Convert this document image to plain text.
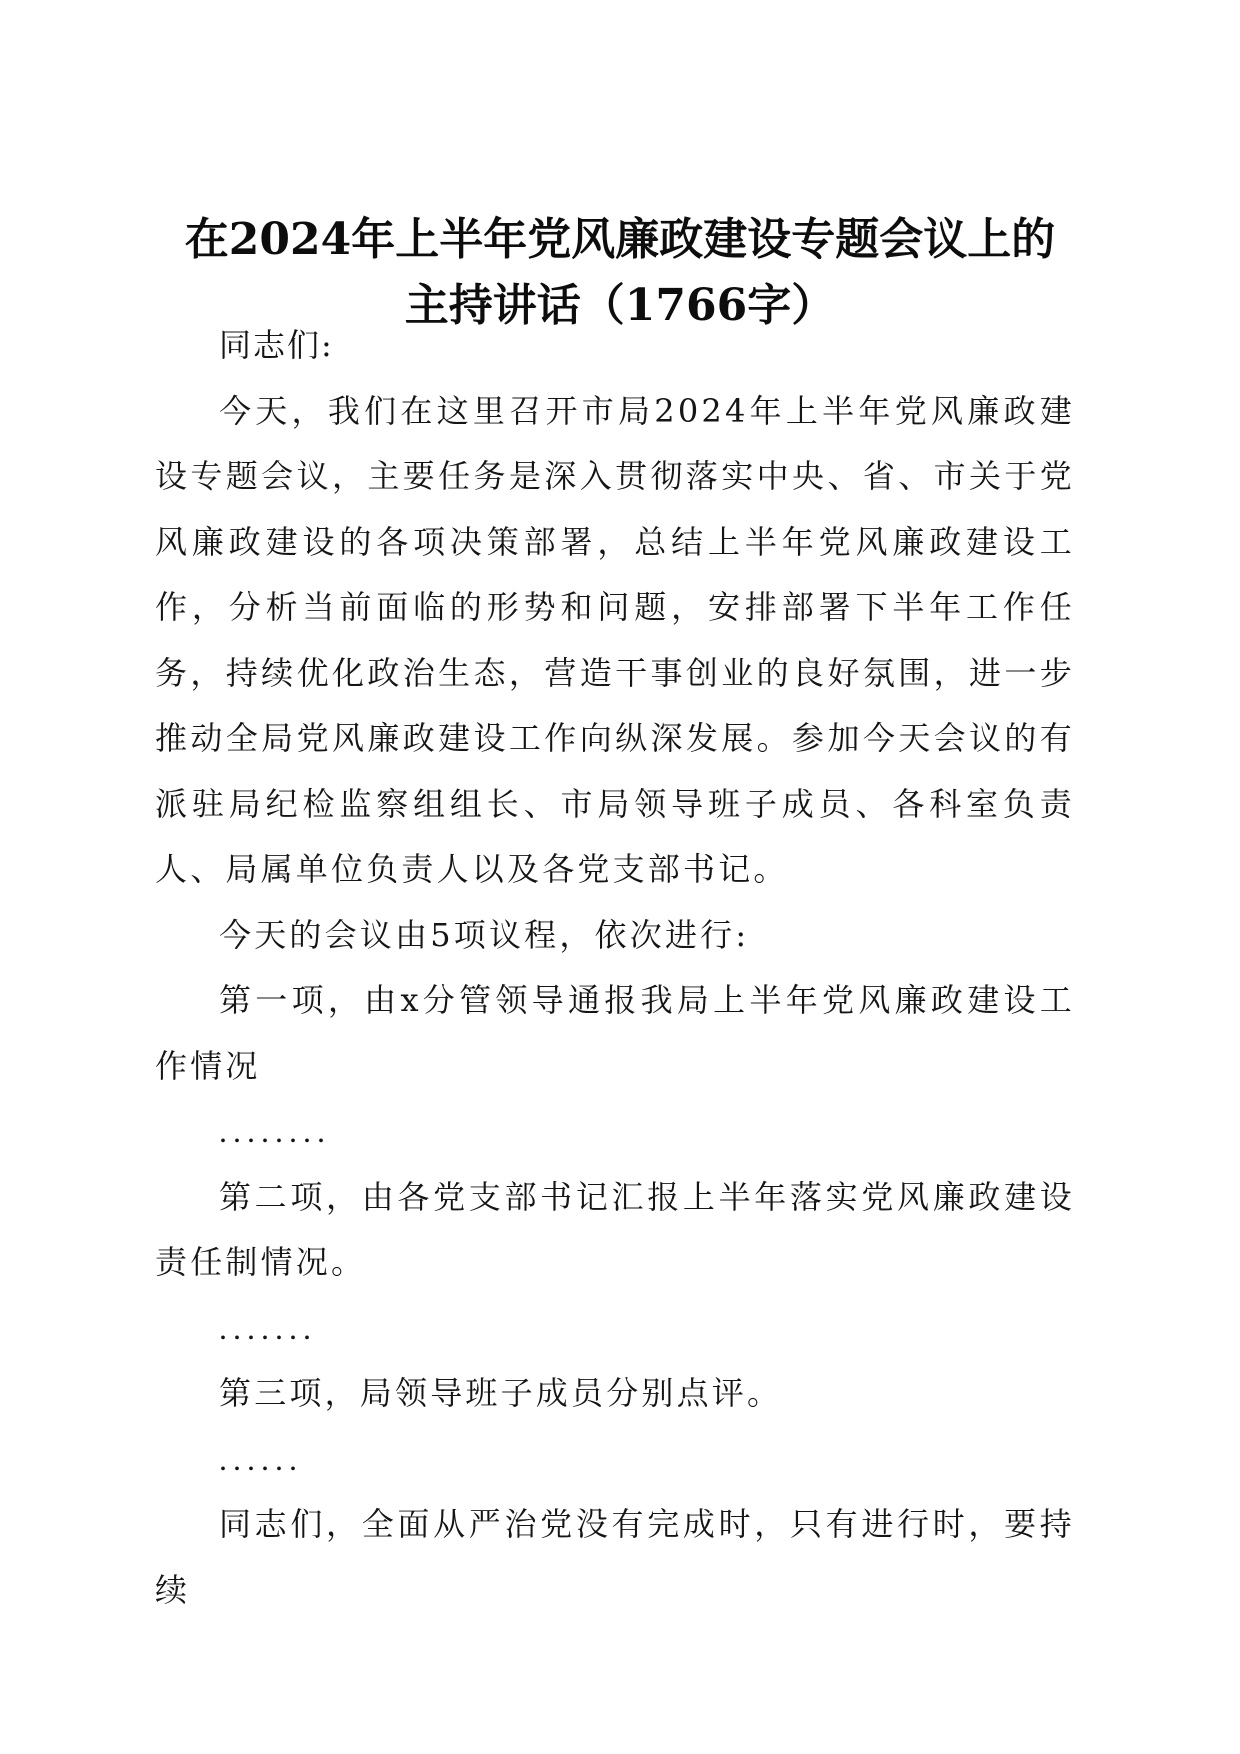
在2024年上半年党风廉政建设专题会议上的
主持讲话（1766字）

同志们:

今天，我们在这里召开市局2024年上半年党风廉政建设专题会议，主要任务是深入贯彻落实中央、省、市关于党风廉政建设的各项决策部署，总结上半年党风廉政建设工作，分析当前面临的形势和问题，安排部署下半年工作任务，持续优化政治生态，营造干事创业的良好氛围，进一步推动全局党风廉政建设工作向纵深发展。参加今天会议的有派驻局纪检监察组组长、市局领导班子成员、各科室负责人、局属单位负责人以及各党支部书记。

今天的会议由5项议程，依次进行:

第一项，由x分管领导通报我局上半年党风廉政建设工作情况

........

第二项，由各党支部书记汇报上半年落实党风廉政建设责任制情况。

.......

第三项，局领导班子成员分别点评。

......

同志们，全面从严治党没有完成时，只有进行时，要持续
